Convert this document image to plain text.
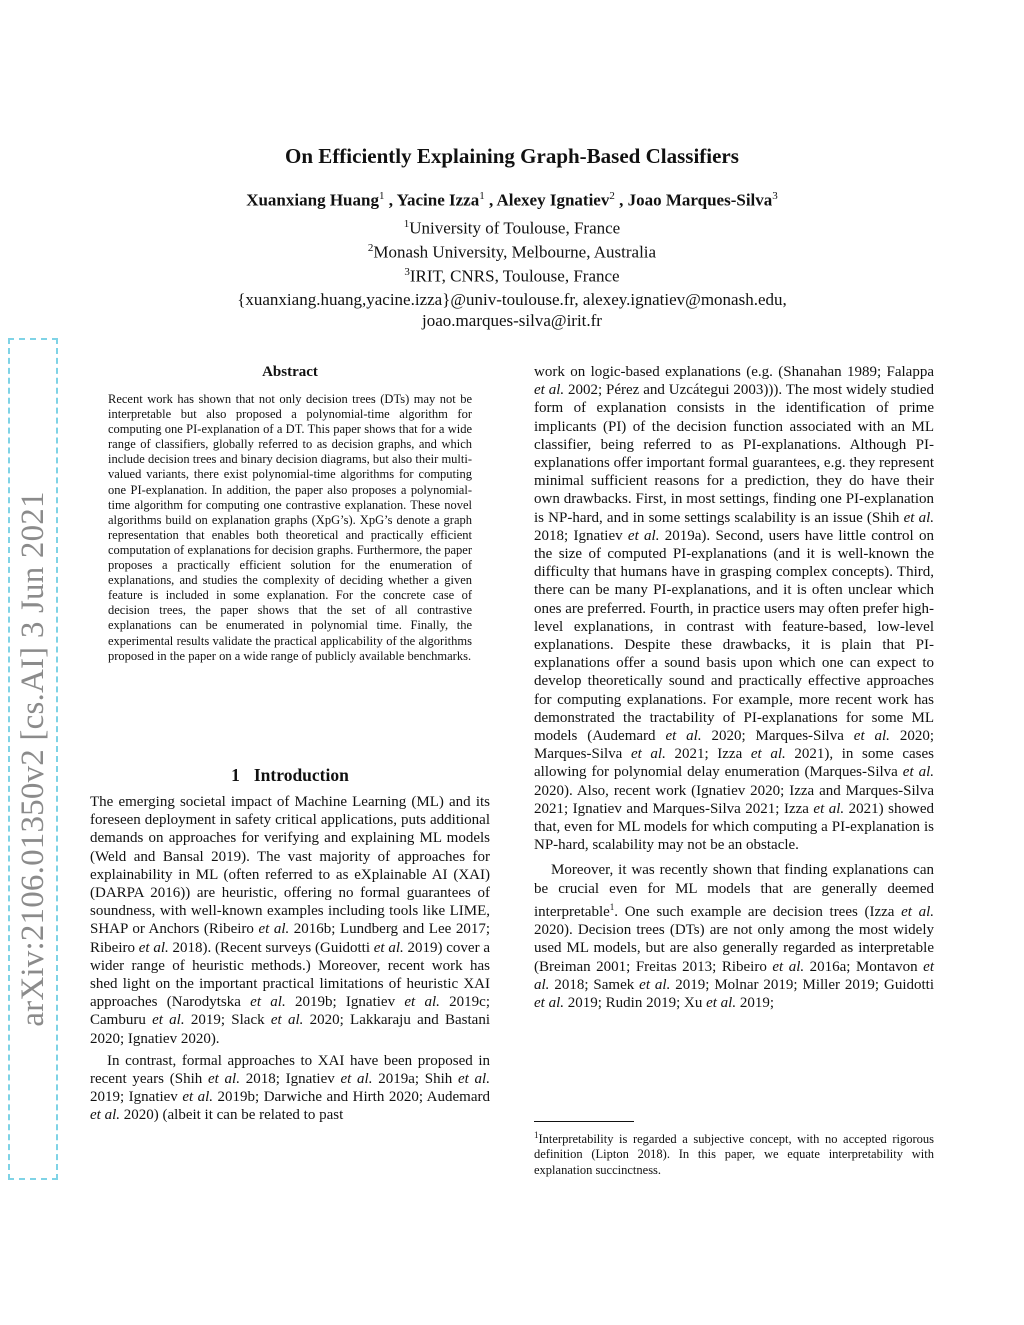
On Efficiently Explaining Graph-Based Classifiers
Xuanxiang Huang$^1$ , Yacine Izza$^1$ , Alexey Ignatiev$^2$ , Joao Marques-Silva$^3$
$^1$University of Toulouse, France
$^2$Monash University, Melbourne, Australia
$^3$IRIT, CNRS, Toulouse, France
{xuanxiang.huang,yacine.izza}@univ-toulouse.fr, alexey.ignatiev@monash.edu,
joao.marques-silva@irit.fr
arXiv:2106.01350v2 [cs.AI] 3 Jun 2021
Abstract
Recent work has shown that not only decision trees (DTs) may not be interpretable but also proposed a polynomial-time algorithm for computing one PI-explanation of a DT. This paper shows that for a wide range of classifiers, globally referred to as decision graphs, and which include decision trees and binary decision diagrams, but also their multi-valued variants, there exist polynomial-time algorithms for computing one PI-explanation. In addition, the paper also proposes a polynomial-time algorithm for computing one contrastive explanation. These novel algorithms build on explanation graphs (XpG’s). XpG’s denote a graph representation that enables both theoretical and practically efficient computation of explanations for decision graphs. Furthermore, the paper proposes a practically efficient solution for the enumeration of explanations, and studies the complexity of deciding whether a given feature is included in some explanation. For the concrete case of decision trees, the paper shows that the set of all contrastive explanations can be enumerated in polynomial time. Finally, the experimental results validate the practical applicability of the algorithms proposed in the paper on a wide range of publicly available benchmarks.
1 Introduction

The emerging societal impact of Machine Learning (ML) and its foreseen deployment in safety critical applications, puts additional demands on approaches for verifying and explaining ML models (Weld and Bansal 2019). The vast majority of approaches for explainability in ML (often referred to as eXplainable AI (XAI) (DARPA 2016)) are heuristic, offering no formal guarantees of soundness, with well-known examples including tools like LIME, SHAP or Anchors (Ribeiro et al. 2016b; Lundberg and Lee 2017; Ribeiro et al. 2018). (Recent surveys (Guidotti et al. 2019) cover a wider range of heuristic methods.) Moreover, recent work has shed light on the important practical limitations of heuristic XAI approaches (Narodytska et al. 2019b; Ignatiev et al. 2019c; Camburu et al. 2019; Slack et al. 2020; Lakkaraju and Bastani 2020; Ignatiev 2020).

In contrast, formal approaches to XAI have been proposed in recent years (Shih et al. 2018; Ignatiev et al. 2019a; Shih et al. 2019; Ignatiev et al. 2019b; Darwiche and Hirth 2020; Audemard et al. 2020) (albeit it can be related to past

work on logic-based explanations (e.g. (Shanahan 1989; Falappa et al. 2002; Pérez and Uzcátegui 2003))). The most widely studied form of explanation consists in the identification of prime implicants (PI) of the decision function associated with an ML classifier, being referred to as PI-explanations. Although PI-explanations offer important formal guarantees, e.g. they represent minimal sufficient reasons for a prediction, they do have their own drawbacks. First, in most settings, finding one PI-explanation is NP-hard, and in some settings scalability is an issue (Shih et al. 2018; Ignatiev et al. 2019a). Second, users have little control on the size of computed PI-explanations (and it is well-known the difficulty that humans have in grasping complex concepts). Third, there can be many PI-explanations, and it is often unclear which ones are preferred. Fourth, in practice users may often prefer high-level explanations, in contrast with feature-based, low-level explanations. Despite these drawbacks, it is plain that PI-explanations offer a sound basis upon which one can expect to develop theoretically sound and practically effective approaches for computing explanations. For example, more recent work has demonstrated the tractability of PI-explanations for some ML models (Audemard et al. 2020; Marques-Silva et al. 2020; Marques-Silva et al. 2021; Izza et al. 2021), in some cases allowing for polynomial delay enumeration (Marques-Silva et al. 2020). Also, recent work (Ignatiev 2020; Izza and Marques-Silva 2021; Ignatiev and Marques-Silva 2021; Izza et al. 2021) showed that, even for ML models for which computing a PI-explanation is NP-hard, scalability may not be an obstacle.

Moreover, it was recently shown that finding explanations can be crucial even for ML models that are generally deemed interpretable$^1$. One such example are decision trees (Izza et al. 2020). Decision trees (DTs) are not only among the most widely used ML models, but are also generally regarded as interpretable (Breiman 2001; Freitas 2013; Ribeiro et al. 2016a; Montavon et al. 2018; Samek et al. 2019; Molnar 2019; Miller 2019; Guidotti et al. 2019; Rudin 2019; Xu et al. 2019;

$^1$Interpretability is regarded a subjective concept, with no accepted rigorous definition (Lipton 2018). In this paper, we equate interpretability with explanation succinctness.
